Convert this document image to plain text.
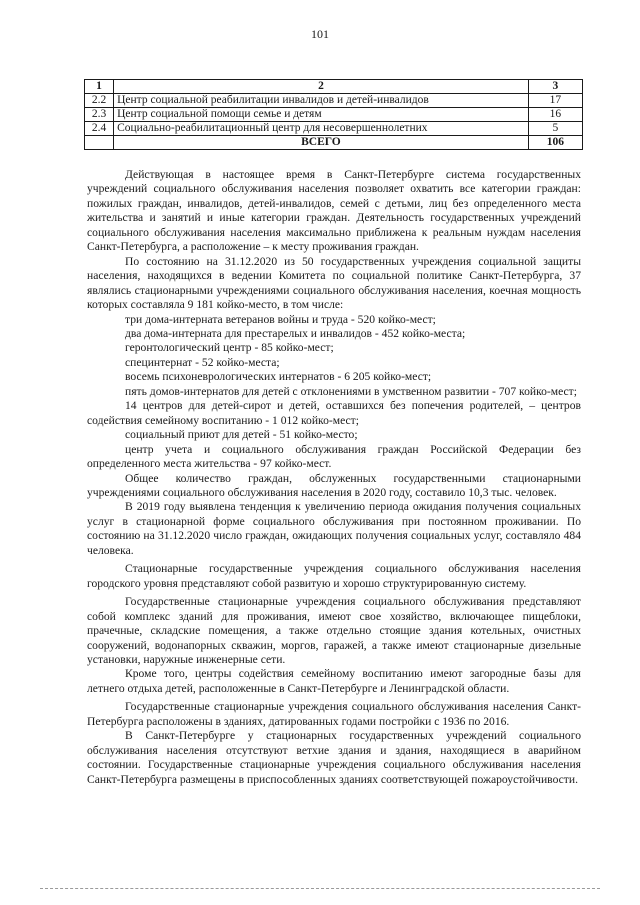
101
1	2	3
2.2	Центр социальной реабилитации инвалидов и детей-инвалидов	17
2.3	Центр социальной помощи семье и детям	16
2.4	Социально-реабилитационный центр для несовершеннолетних	5
	ВСЕГО	106

Действующая в настоящее время в Санкт-Петербурге система государственных учреждений социального обслуживания населения позволяет охватить все категории граждан: пожилых граждан, инвалидов, детей-инвалидов, семей с детьми, лиц без определенного места жительства и занятий и иные категории граждан. Деятельность государственных учреждений социального обслуживания населения максимально приближена к реальным нуждам населения Санкт-Петербурга, а расположение – к месту проживания граждан.

По состоянию на 31.12.2020 из 50 государственных учреждения социальной защиты населения, находящихся в ведении Комитета по социальной политике Санкт-Петербурга, 37 являлись стационарными учреждениями социального обслуживания населения, коечная мощность которых составляла 9 181 койко-место, в том числе:

три дома-интерната ветеранов войны и труда - 520 койко-мест;

два дома-интерната для престарелых и инвалидов - 452 койко-места;

геронтологический центр - 85 койко-мест;

специнтернат - 52 койко-места;

восемь психоневрологических интернатов - 6 205 койко-мест;

пять домов-интернатов для детей с отклонениями в умственном развитии - 707 койко-мест;

14 центров для детей-сирот и детей, оставшихся без попечения родителей, – центров содействия семейному воспитанию - 1 012 койко-мест;

социальный приют для детей - 51 койко-место;

центр учета и социального обслуживания граждан Российской Федерации без определенного места жительства - 97 койко-мест.

Общее количество граждан, обслуженных государственными стационарными учреждениями социального обслуживания населения в 2020 году, составило 10,3 тыс. человек.

В 2019 году выявлена тенденция к увеличению периода ожидания получения социальных услуг в стационарной форме социального обслуживания при постоянном проживании. По состоянию на 31.12.2020 число граждан, ожидающих получения социальных услуг, составляло 484 человека.

Стационарные государственные учреждения социального обслуживания населения городского уровня представляют собой развитую и хорошо структурированную систему.

Государственные стационарные учреждения социального обслуживания представляют собой комплекс зданий для проживания, имеют свое хозяйство, включающее пищеблоки, прачечные, складские помещения, а также отдельно стоящие здания котельных, очистных сооружений, водонапорных скважин, моргов, гаражей, а также имеют стационарные дизельные установки, наружные инженерные сети.

Кроме того, центры содействия семейному воспитанию имеют загородные базы для летнего отдыха детей, расположенные в Санкт-Петербурге и Ленинградской области.

Государственные стационарные учреждения социального обслуживания населения Санкт-Петербурга расположены в зданиях, датированных годами постройки с 1936 по 2016.

В Санкт-Петербурге у стационарных государственных учреждений социального обслуживания населения отсутствуют ветхие здания и здания, находящиеся в аварийном состоянии. Государственные стационарные учреждения социального обслуживания населения Санкт-Петербурга размещены в приспособленных зданиях соответствующей пожароустойчивости.
